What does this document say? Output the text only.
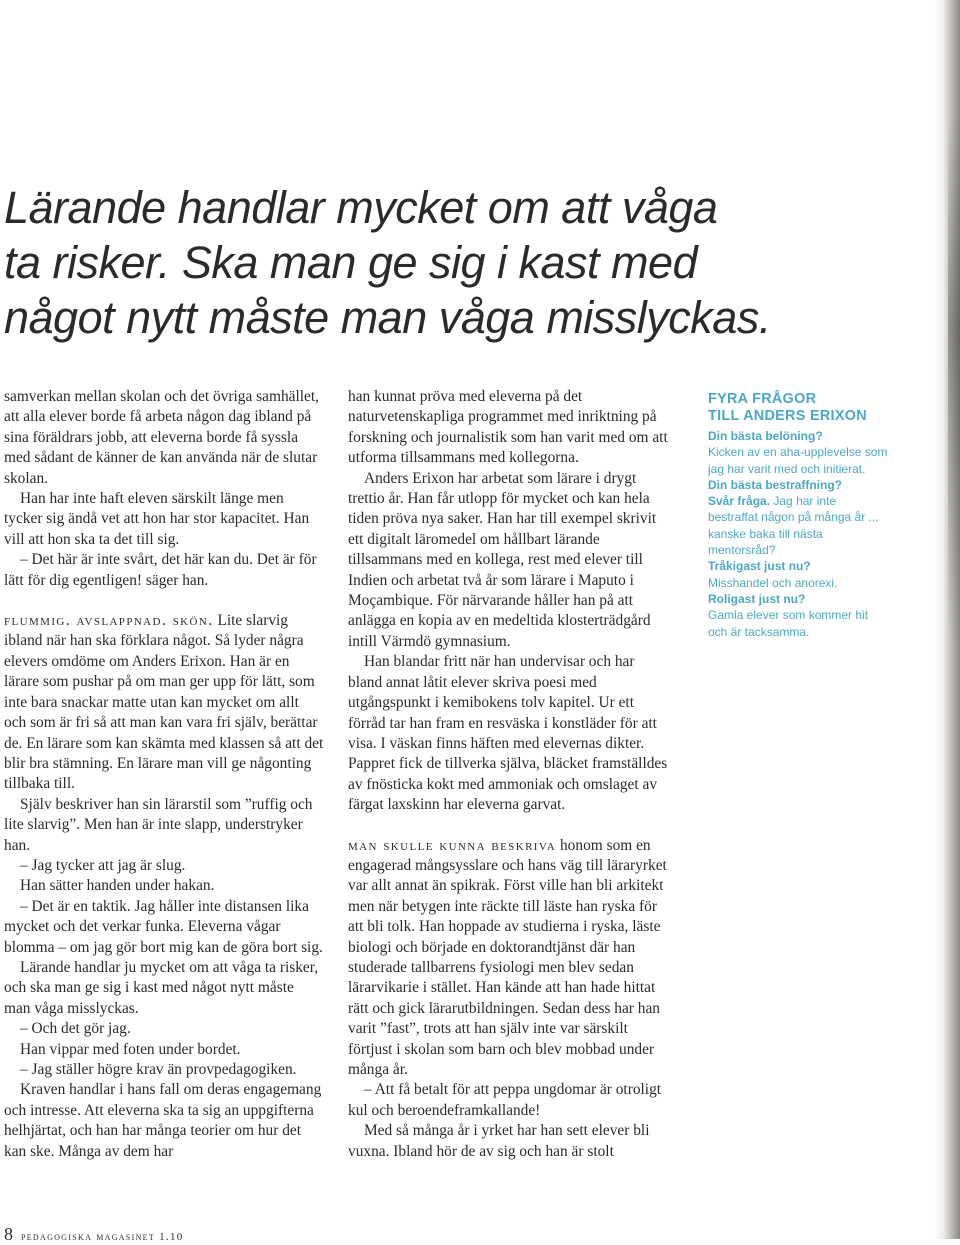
Lärande handlar mycket om att våga
ta risker. Ska man ge sig i kast med
något nytt måste man våga misslyckas.

samverkan mellan skolan och det övriga samhället, att alla elever borde få arbeta någon dag ibland på sina föräldrars jobb, att eleverna borde få syssla med sådant de känner de kan använda när de slutar skolan.

Han har inte haft eleven särskilt länge men tycker sig ändå vet att hon har stor kapacitet. Han vill att hon ska ta det till sig.

– Det här är inte svårt, det här kan du. Det är för lätt för dig egentligen! säger han.

flummig. avslappnad. skön. Lite slarvig ibland när han ska förklara något. Så lyder några elevers omdöme om Anders Erixon. Han är en lärare som pushar på om man ger upp för lätt, som inte bara snackar matte utan kan mycket om allt och som är fri så att man kan vara fri själv, berättar de. En lärare som kan skämta med klassen så att det blir bra stämning. En lärare man vill ge någonting tillbaka till.

Själv beskriver han sin lärarstil som ”ruffig och lite slarvig”. Men han är inte slapp, understryker han.

– Jag tycker att jag är slug.

Han sätter handen under hakan.

– Det är en taktik. Jag håller inte distansen lika mycket och det verkar funka. Eleverna vågar blomma – om jag gör bort mig kan de göra bort sig.

Lärande handlar ju mycket om att våga ta risker, och ska man ge sig i kast med något nytt måste man våga misslyckas.

– Och det gör jag.

Han vippar med foten under bordet.

– Jag ställer högre krav än provpedagogiken.

Kraven handlar i hans fall om deras engagemang och intresse. Att eleverna ska ta sig an uppgifterna helhjärtat, och han har många teorier om hur det kan ske. Många av dem har

han kunnat pröva med eleverna på det naturvetenskapliga programmet med inriktning på forskning och journalistik som han varit med om att utforma tillsammans med kollegorna.

Anders Erixon har arbetat som lärare i drygt trettio år. Han får utlopp för mycket och kan hela tiden pröva nya saker. Han har till exempel skrivit ett digitalt läromedel om hållbart lärande tillsammans med en kollega, rest med elever till Indien och arbetat två år som lärare i Maputo i Moçambique. För närvarande håller han på att anlägga en kopia av en medeltida klosterträdgård intill Värmdö gymnasium.

Han blandar fritt när han undervisar och har bland annat låtit elever skriva poesi med utgångspunkt i kemibokens tolv kapitel. Ur ett förråd tar han fram en resväska i konstläder för att visa. I väskan finns häften med elevernas dikter. Pappret fick de tillverka själva, bläcket framställdes av fnösticka kokt med ammoniak och omslaget av färgat laxskinn har eleverna garvat.

man skulle kunna beskriva honom som en engagerad mångsysslare och hans väg till läraryrket var allt annat än spikrak. Först ville han bli arkitekt men när betygen inte räckte till läste han ryska för att bli tolk. Han hoppade av studierna i ryska, läste biologi och började en doktorandtjänst där han studerade tallbarrens fysiologi men blev sedan lärarvikarie i stället. Han kände att han hade hittat rätt och gick lärarutbildningen. Sedan dess har han varit ”fast”, trots att han själv inte var särskilt förtjust i skolan som barn och blev mobbad under många år.

– Att få betalt för att peppa ungdomar är otroligt kul och beroendeframkallande!

Med så många år i yrket har han sett elever bli vuxna. Ibland hör de av sig och han är stolt

FYRA FRÅGOR
TILL ANDERS ERIXON
Din bästa belöning?
Kicken av en aha-upplevelse som jag har varit med och initierat.
Din bästa bestraffning?
Svår fråga. Jag har inte bestraffat någon på många år ... kanske baka till nästa mentorsråd?
Tråkigast just nu?
Misshandel och anorexi.
Roligast just nu?
Gamla elever som kommer hit och är tacksamma.
8 pedagogiska magasinet 1.10
